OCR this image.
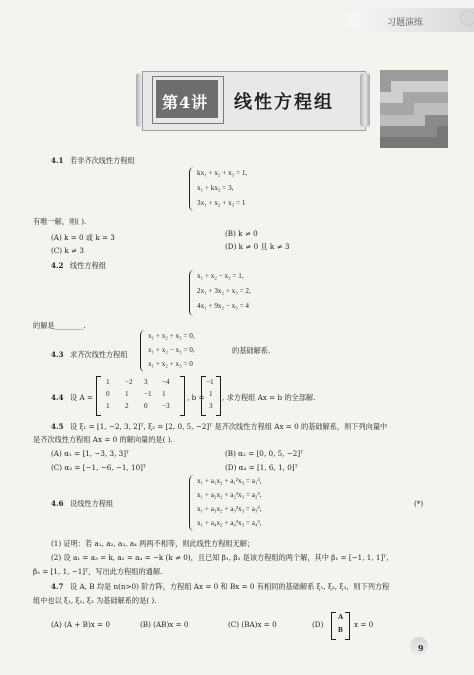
习题演练
第4讲 线性方程组
4.1 若非齐次线性方程组
kx₁ + x₂ + x₃ = 1,
x₁ + kx₃ = 3,
3x₁ + x₂ + x₃ = 1
有唯一解，则( ).
(A) k = 0 或 k = 3	(B) k ≠ 0
(C) k ≠ 3	(D) k ≠ 0 且 k ≠ 3
4.2 线性方程组
x₁ + x₂ − x₃ = 1,
2x₁ + 3x₂ + x₃ = 2,
4x₁ + 9x₂ − x₃ = 4
的解是________.
4.3 求齐次线性方程组
x₁ + x₂ + x₃ = 0,
x₁ + x₂ − x₃ = 0,
x₁ + x₂ + x₃ = 0
的基础解系.
4.4 设 A =
1 −2 3 −4
0 1 −1 1
1 2 0 −3
, b =
−1
1
3
, 求方程组 Ax = b 的全部解.
4.5 设 ξ₁ = [1, −2, 3, 2]ᵀ, ξ₂ = [2, 0, 5, −2]ᵀ 是齐次线性方程组 Ax = 0 的基础解系，则下列向量中
是齐次线性方程组 Ax = 0 的解向量的是( ).
(A) α₁ = [1, −3, 3, 3]ᵀ	(B) α₂ = [0, 0, 5, −2]ᵀ
(C) α₃ = [−1, −6, −1, 10]ᵀ	(D) α₄ = [1, 6, 1, 0]ᵀ
4.6 设线性方程组
x₁ + a₁x₂ + a₁²x₃ = a₁³,
x₁ + a₂x₂ + a₂²x₃ = a₂³,
x₁ + a₃x₂ + a₃²x₃ = a₃³,
x₁ + a₄x₂ + a₄²x₃ = a₄³,
(*)
(1) 证明：若 a₁, a₂, a₃, a₄ 两两不相等，则此线性方程组无解；
(2) 设 a₁ = a₃ = k, a₂ = a₄ = −k (k ≠ 0)，且已知 β₁, β₂ 是该方程组的两个解，其中 β₁ = [−1, 1, 1]ᵀ,
β₂ = [1, 1, −1]ᵀ，写出此方程组的通解.
4.7 设 A, B 均是 n(n>0) 阶方阵，方程组 Ax = 0 和 Bx = 0 有相同的基础解系 ξ₁, ξ₂, ξ₃，则下列方程
组中也以 ξ₁, ξ₂, ξ₃ 为基础解系的是( ).
(A) (A + B)x = 0	(B) (AB)x = 0	(C) (BA)x = 0	(D)
A
B
x = 0
9
